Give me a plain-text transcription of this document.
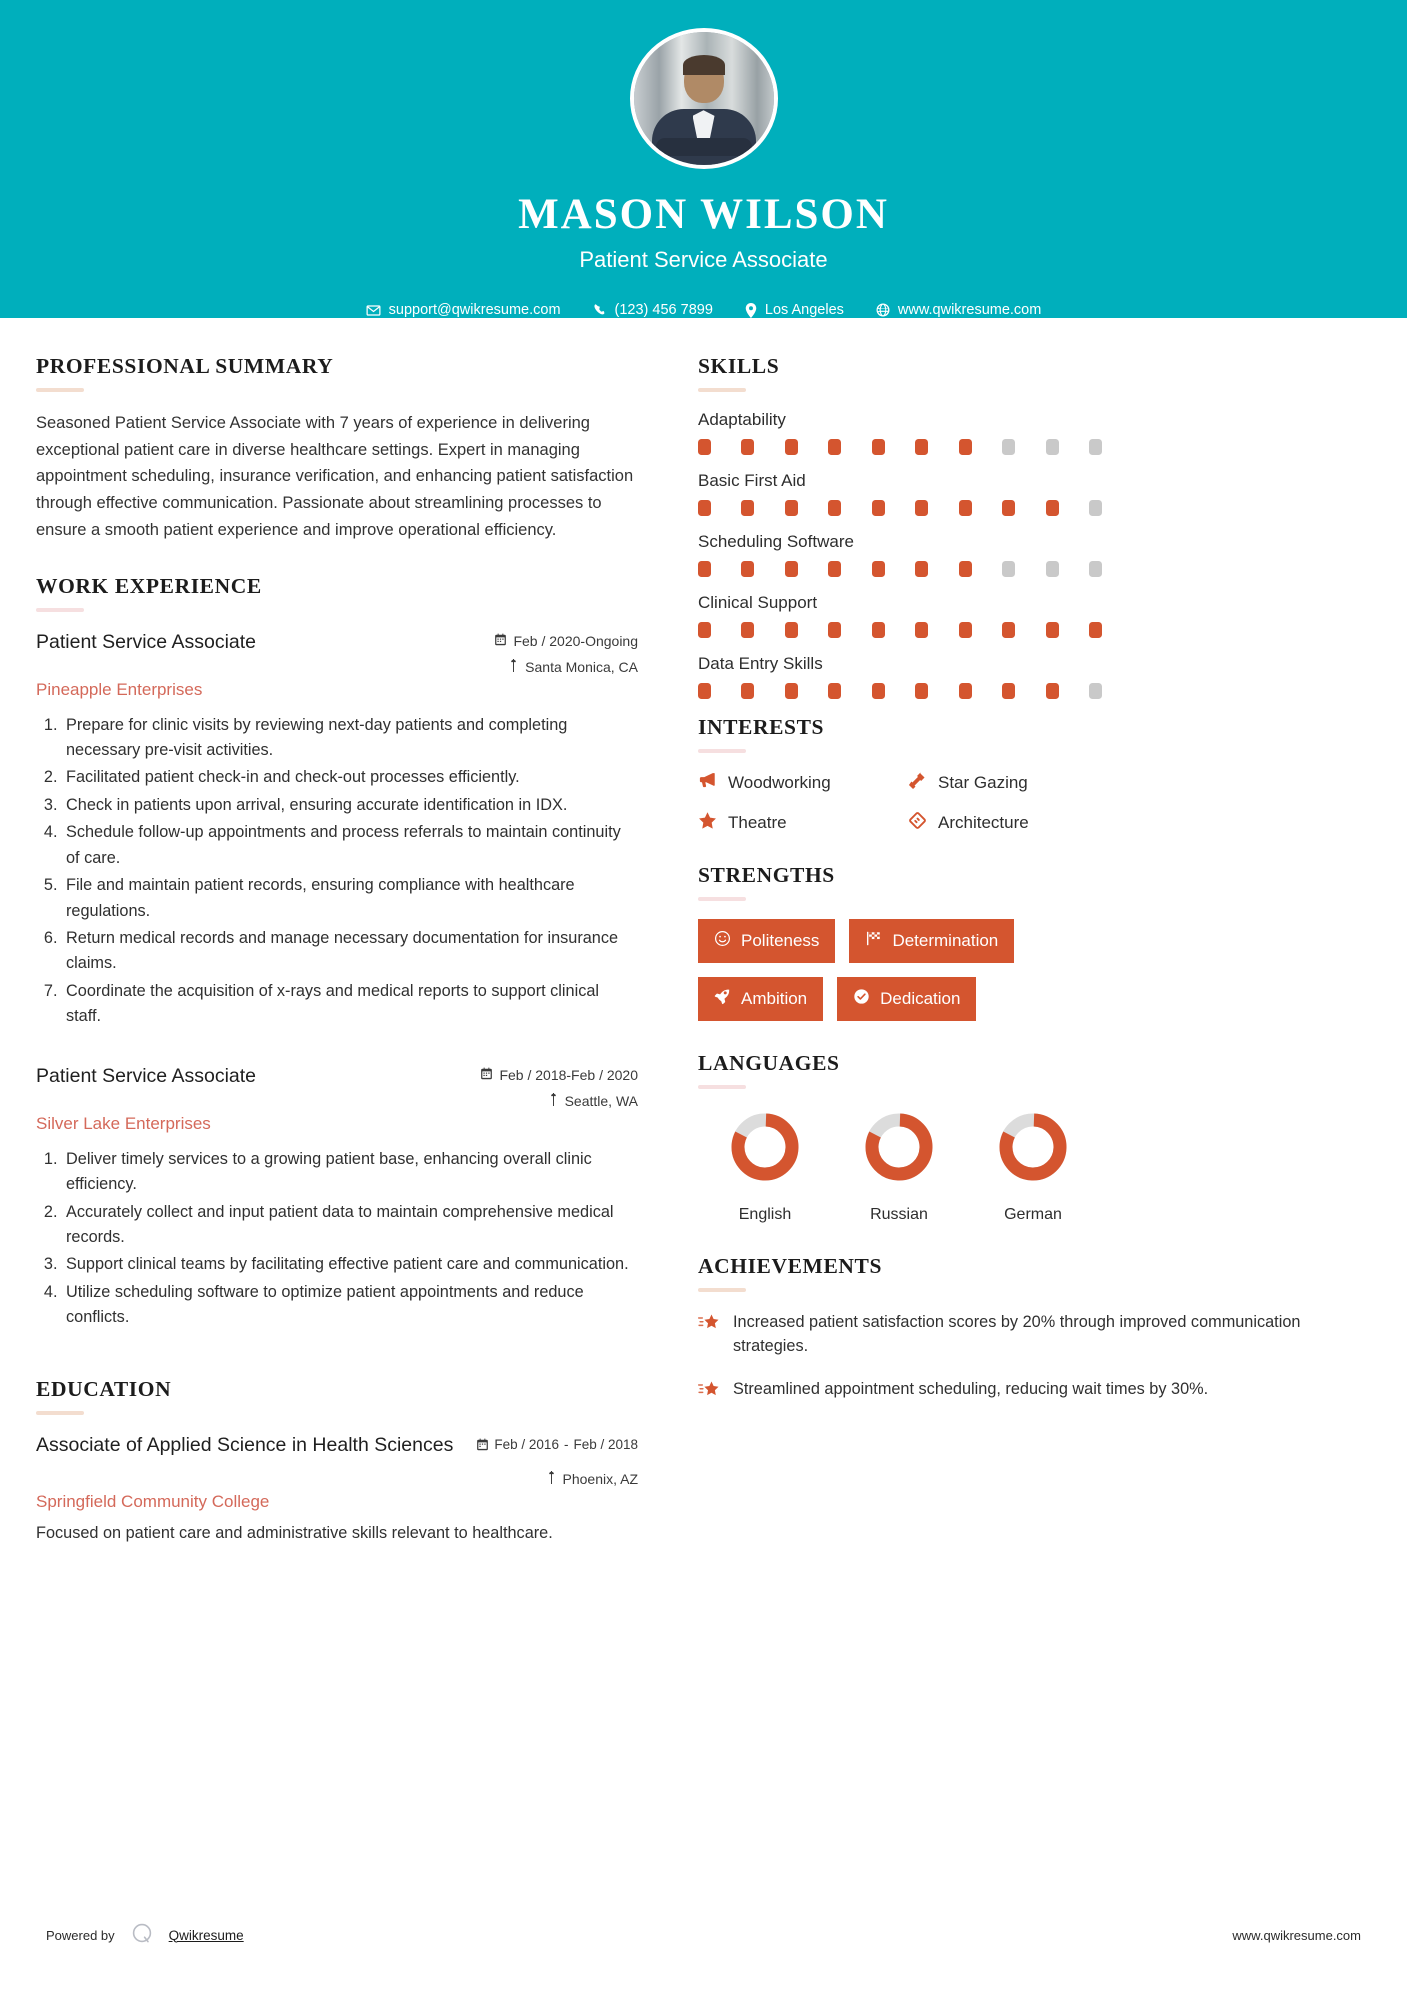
MASON WILSON
Patient Service Associate
support@qwikresume.com	(123) 456 7899	Los Angeles	www.qwikresume.com
PROFESSIONAL SUMMARY
Seasoned Patient Service Associate with 7 years of experience in delivering exceptional patient care in diverse healthcare settings. Expert in managing appointment scheduling, insurance verification, and enhancing patient satisfaction through effective communication. Passionate about streamlining processes to ensure a smooth patient experience and improve operational efficiency.
WORK EXPERIENCE
Patient Service Associate	Feb / 2020-Ongoing
Santa Monica, CA
Pineapple Enterprises
1. Prepare for clinic visits by reviewing next-day patients and completing necessary pre-visit activities.
2. Facilitated patient check-in and check-out processes efficiently.
3. Check in patients upon arrival, ensuring accurate identification in IDX.
4. Schedule follow-up appointments and process referrals to maintain continuity of care.
5. File and maintain patient records, ensuring compliance with healthcare regulations.
6. Return medical records and manage necessary documentation for insurance claims.
7. Coordinate the acquisition of x-rays and medical reports to support clinical staff.
Patient Service Associate	Feb / 2018-Feb / 2020
Seattle, WA
Silver Lake Enterprises
1. Deliver timely services to a growing patient base, enhancing overall clinic efficiency.
2. Accurately collect and input patient data to maintain comprehensive medical records.
3. Support clinical teams by facilitating effective patient care and communication.
4. Utilize scheduling software to optimize patient appointments and reduce conflicts.
EDUCATION
Associate of Applied Science in Health Sciences	Feb / 2016 - Feb / 2018
Phoenix, AZ
Springfield Community College
Focused on patient care and administrative skills relevant to healthcare.
SKILLS
Adaptability
Basic First Aid
Scheduling Software
Clinical Support
Data Entry Skills
INTERESTS
Woodworking	Star Gazing
Theatre	Architecture
STRENGTHS
Politeness	Determination
Ambition	Dedication
LANGUAGES
English	Russian	German
ACHIEVEMENTS
Increased patient satisfaction scores by 20% through improved communication strategies.
Streamlined appointment scheduling, reducing wait times by 30%.
Powered by	Qwikresume	www.qwikresume.com
